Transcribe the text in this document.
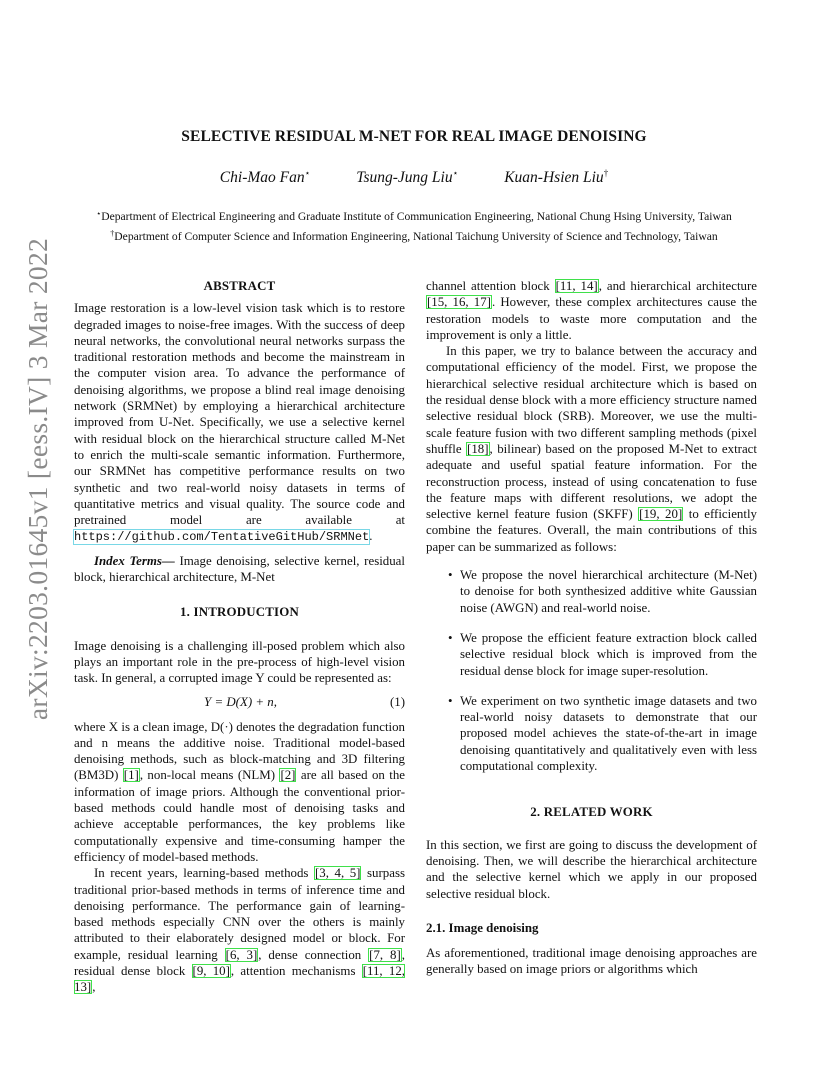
SELECTIVE RESIDUAL M-NET FOR REAL IMAGE DENOISING
Chi-Mao Fan⋆	Tsung-Jung Liu⋆	Kuan-Hsien Liu†
⋆Department of Electrical Engineering and Graduate Institute of Communication Engineering, National Chung Hsing University, Taiwan
†Department of Computer Science and Information Engineering, National Taichung University of Science and Technology, Taiwan
arXiv:2203.01645v1 [eess.IV] 3 Mar 2022	ABSTRACT

Image restoration is a low-level vision task which is to restore degraded images to noise-free images. With the success of deep neural networks, the convolutional neural networks surpass the traditional restoration methods and become the mainstream in the computer vision area. To advance the performance of denoising algorithms, we propose a blind real image denoising network (SRMNet) by employing a hierarchical architecture improved from U-Net. Specifically, we use a selective kernel with residual block on the hierarchical structure called M-Net to enrich the multi-scale semantic information. Furthermore, our SRMNet has competitive performance results on two synthetic and two real-world noisy datasets in terms of quantitative metrics and visual quality. The source code and pretrained model are available at https://github.com/TentativeGitHub/SRMNet.

Index Terms— Image denoising, selective kernel, residual block, hierarchical architecture, M-Net

1. INTRODUCTION

Image denoising is a challenging ill-posed problem which also plays an important role in the pre-process of high-level vision task. In general, a corrupted image Y could be represented as:

Y = D(X) + n,	(1)

where X is a clean image, D(·) denotes the degradation function and n means the additive noise. Traditional model-based denoising methods, such as block-matching and 3D filtering (BM3D) [1], non-local means (NLM) [2] are all based on the information of image priors. Although the conventional prior-based methods could handle most of denoising tasks and achieve acceptable performances, the key problems like computationally expensive and time-consuming hamper the efficiency of model-based methods.

In recent years, learning-based methods [3, 4, 5] surpass traditional prior-based methods in terms of inference time and denoising performance. The performance gain of learning-based methods especially CNN over the others is mainly attributed to their elaborately designed model or block. For example, residual learning [6, 3], dense connection [7, 8], residual dense block [9, 10], attention mechanisms [11, 12, 13],

channel attention block [11, 14], and hierarchical architecture [15, 16, 17]. However, these complex architectures cause the restoration models to waste more computation and the improvement is only a little.

In this paper, we try to balance between the accuracy and computational efficiency of the model. First, we propose the hierarchical selective residual architecture which is based on the residual dense block with a more efficiency structure named selective residual block (SRB). Moreover, we use the multi-scale feature fusion with two different sampling methods (pixel shuffle [18], bilinear) based on the proposed M-Net to extract adequate and useful spatial feature information. For the reconstruction process, instead of using concatenation to fuse the feature maps with different resolutions, we adopt the selective kernel feature fusion (SKFF) [19, 20] to efficiently combine the features. Overall, the main contributions of this paper can be summarized as follows:

• We propose the novel hierarchical architecture (M-Net) to denoise for both synthesized additive white Gaussian noise (AWGN) and real-world noise.
• We propose the efficient feature extraction block called selective residual block which is improved from the residual dense block for image super-resolution.
• We experiment on two synthetic image datasets and two real-world noisy datasets to demonstrate that our proposed model achieves the state-of-the-art in image denoising quantitatively and qualitatively even with less computational complexity.
2. RELATED WORK

In this section, we first are going to discuss the development of denoising. Then, we will describe the hierarchical architecture and the selective kernel which we apply in our proposed selective residual block.

2.1. Image denoising

As aforementioned, traditional image denoising approaches are generally based on image priors or algorithms which
